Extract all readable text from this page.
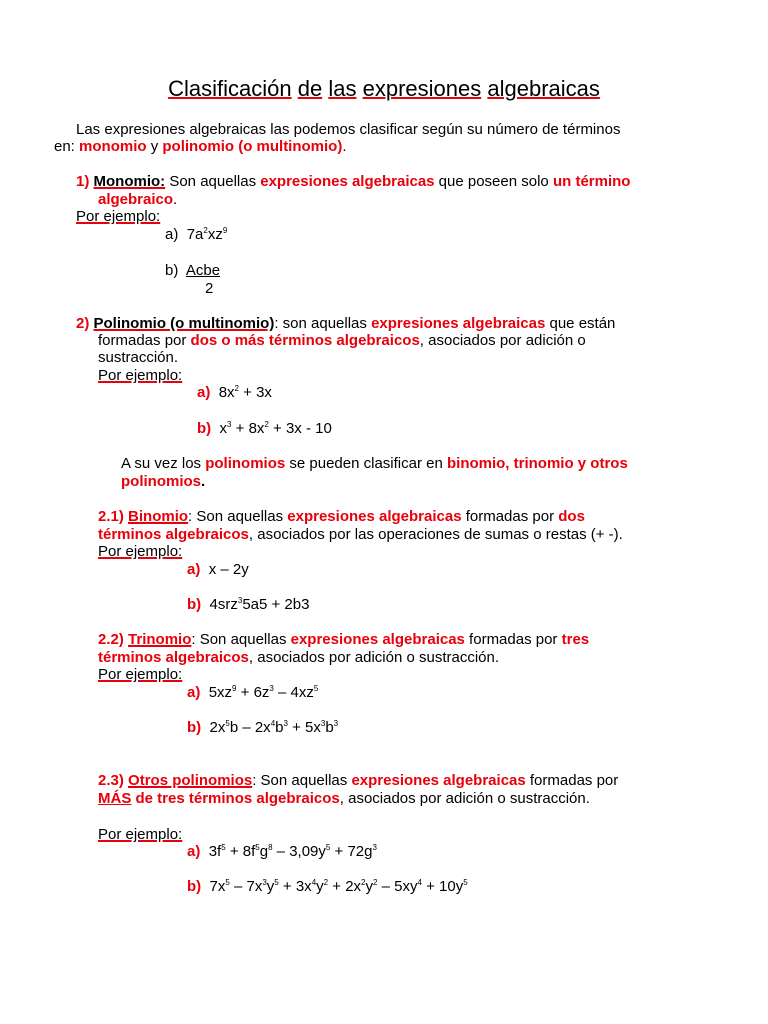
Clasificación de las expresiones algebraicas
Las expresiones algebraicas las podemos clasificar según su número de términos
en: monomio y polinomio (o multinomio).
1) Monomio: Son aquellas expresiones algebraicas que poseen solo un término
algebraico.
Por ejemplo:
a) $7a^2xz^9$
b) Acbe
2
2) Polinomio (o multinomio): son aquellas expresiones algebraicas que están
formadas por dos o más términos algebraicos, asociados por adición o
sustracción.
Por ejemplo:
a) $8x^2 + 3x$
b) $x^3 + 8x^2 + 3x - 10$
A su vez los polinomios se pueden clasificar en binomio, trinomio y otros
polinomios.
2.1) Binomio: Son aquellas expresiones algebraicas formadas por dos
términos algebraicos, asociados por las operaciones de sumas o restas (+ -).
Por ejemplo:
a) x – 2y
b) 4srz$^3$5a5 + 2b3
2.2) Trinomio: Son aquellas expresiones algebraicas formadas por tres
términos algebraicos, asociados por adición o sustracción.
Por ejemplo:
a) $5xz^9 + 6z^3 - 4xz^5$
b) $2x^5b - 2x^4b^3 + 5x^3b^3$
2.3) Otros polinomios: Son aquellas expresiones algebraicas formadas por
MÁS de tres términos algebraicos, asociados por adición o sustracción.
Por ejemplo:
a) $3f^5 + 8f^5g^8 - 3,09y^5 + 72g^3$
b) $7x^5 - 7x^3y^5 + 3x^4y^2 + 2x^2y^2 - 5xy^4 + 10y^5$
